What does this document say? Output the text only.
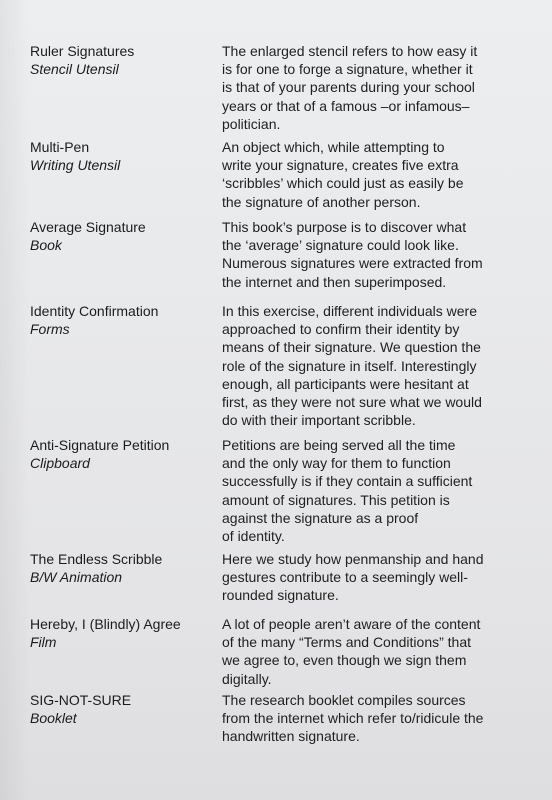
Ruler Signatures
Stencil Utensil
The enlarged stencil refers to how easy it
is for one to forge a signature, whether it
is that of your parents during your school
years or that of a famous –or infamous–
politician.
Multi-Pen
Writing Utensil
An object which, while attempting to
write your signature, creates five extra
‘scribbles’ which could just as easily be
the signature of another person.
Average Signature
Book
This book’s purpose is to discover what
the ‘average’ signature could look like.
Numerous signatures were extracted from
the internet and then superimposed.
Identity Confirmation
Forms
In this exercise, different individuals were
approached to confirm their identity by
means of their signature. We question the
role of the signature in itself. Interestingly
enough, all participants were hesitant at
first, as they were not sure what we would
do with their important scribble.
Anti-Signature Petition
Clipboard
Petitions are being served all the time
and the only way for them to function
successfully is if they contain a sufficient
amount of signatures. This petition is
against the signature as a proof
of identity.
The Endless Scribble
B/W Animation
Here we study how penmanship and hand
gestures contribute to a seemingly well-
rounded signature.
Hereby, I (Blindly) Agree
Film
A lot of people aren’t aware of the content
of the many “Terms and Conditions” that
we agree to, even though we sign them
digitally.
SIG-NOT-SURE
Booklet
The research booklet compiles sources
from the internet which refer to/ridicule the
handwritten signature.
